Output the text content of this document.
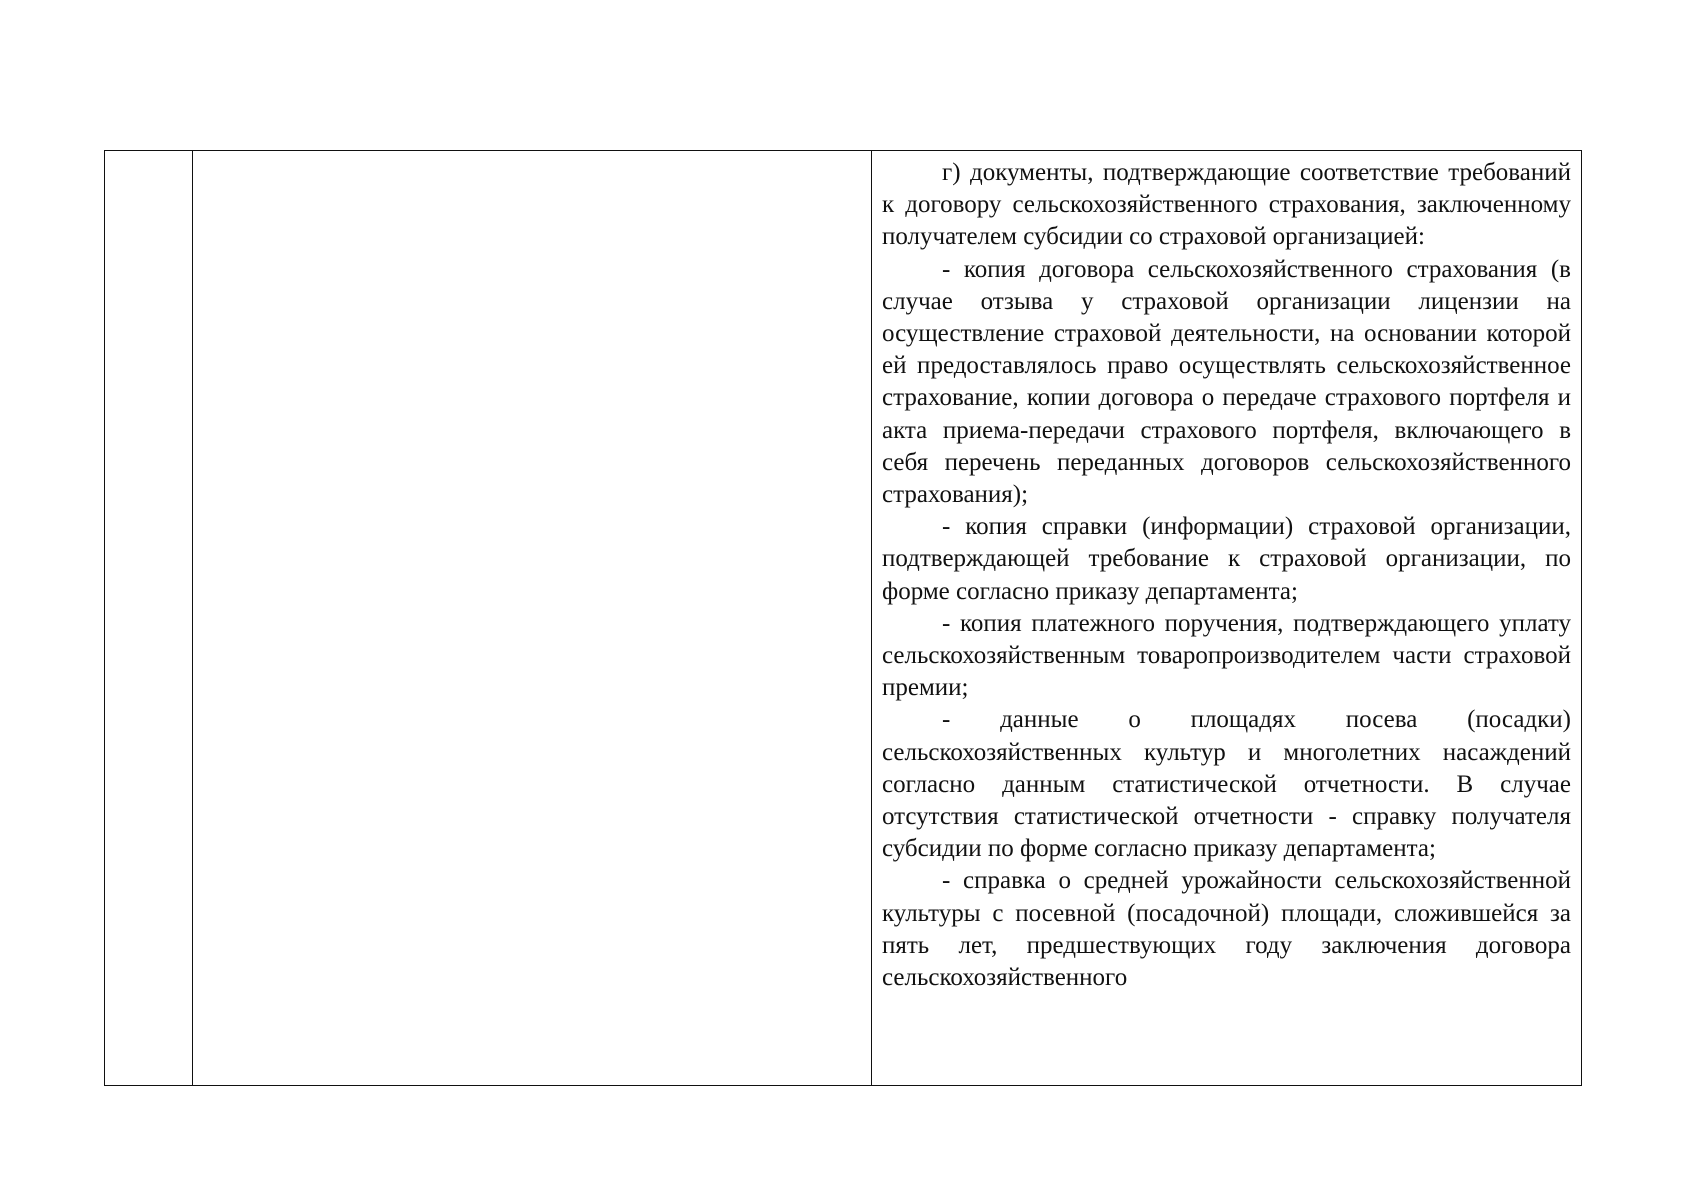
г) документы, подтверждающие соответствие требований к договору сельскохозяйственного страхования, заключенному получателем субсидии со страховой организацией:

- копия договора сельскохозяйственного страхования (в случае отзыва у страховой организации лицензии на осуществление страховой деятельности, на основании которой ей предоставлялось право осуществлять сельскохозяйственное страхование, копии договора о передаче страхового портфеля и акта приема-передачи страхового портфеля, включающего в себя перечень переданных договоров сельскохозяйственного страхования);

- копия справки (информации) страховой организации, подтверждающей требование к страховой организации, по форме согласно приказу департамента;

- копия платежного поручения, подтверждающего уплату сельскохозяйственным товаропроизводителем части страховой премии;

- данные о площадях посева (посадки) сельскохозяйственных культур и многолетних насаждений согласно данным статистической отчетности. В случае отсутствия статистической отчетности - справку получателя субсидии по форме согласно приказу департамента;

- справка о средней урожайности сельскохозяйственной культуры с посевной (посадочной) площади, сложившейся за пять лет, предшествующих году заключения договора сельскохозяйственного
